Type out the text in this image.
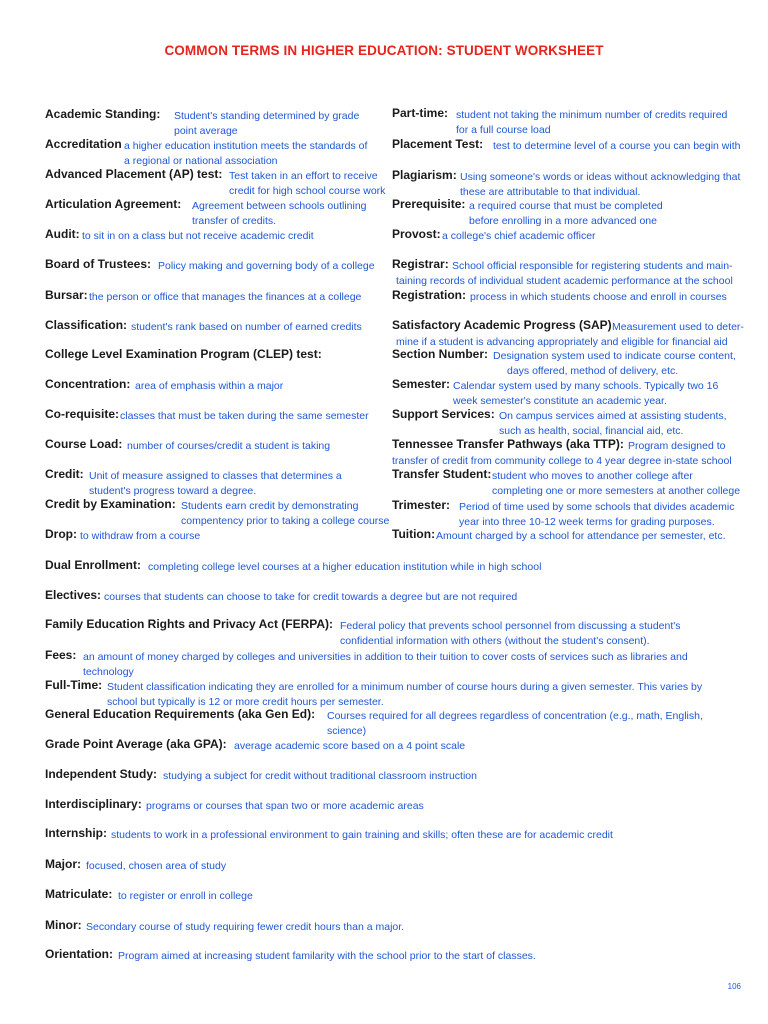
COMMON TERMS IN HIGHER EDUCATION: STUDENT WORKSHEET
Academic Standing: Student's standing determined by grade
point average
Accreditation a higher education institution meets the standards of
a regional or national association
Advanced Placement (AP) test: Test taken in an effort to receive
credit for high school course work
Articulation Agreement: Agreement between schools outlining
transfer of credits.
Audit: to sit in on a class but not receive academic credit
Board of Trustees: Policy making and governing body of a college
Bursar: the person or office that manages the finances at a college
Classification: student's rank based on number of earned credits
College Level Examination Program (CLEP) test:
Concentration: area of emphasis within a major
Co-requisite: classes that must be taken during the same semester
Course Load: number of courses/credit a student is taking
Credit: Unit of measure assigned to classes that determines a
student's progress toward a degree.
Credit by Examination: Students earn credit by demonstrating
compentency prior to taking a college course
Drop: to withdraw from a course
Part-time: student not taking the minimum number of credits required
for a full course load
Placement Test: test to determine level of a course you can begin with
Plagiarism: Using someone's words or ideas without acknowledging that
these are attributable to that individual.
Prerequisite: a required course that must be completed
before enrolling in a more advanced one
Provost: a college's chief academic officer
Registrar: School official responsible for registering students and main-
taining records of individual student academic performance at the school
Registration: process in which students choose and enroll in courses
Satisfactory Academic Progress (SAP) Measurement used to deter-
mine if a student is advancing appropriately and eligible for financial aid
Section Number: Designation system used to indicate course content,
days offered, method of delivery, etc.
Semester: Calendar system used by many schools. Typically two 16
week semester's constitute an academic year.
Support Services: On campus services aimed at assisting students,
such as health, social, financial aid, etc.
Tennessee Transfer Pathways (aka TTP): Program designed to
transfer of credit from community college to 4 year degree in-state school
Transfer Student: student who moves to another college after
completing one or more semesters at another college
Trimester: Period of time used by some schools that divides academic
year into three 10-12 week terms for grading purposes.
Tuition: Amount charged by a school for attendance per semester, etc.
Dual Enrollment: completing college level courses at a higher education institution while in high school
Electives: courses that students can choose to take for credit towards a degree but are not required
Family Education Rights and Privacy Act (FERPA): Federal policy that prevents school personnel from discussing a student's
confidential information with others (without the student's consent).
Fees: an amount of money charged by colleges and universities in addition to their tuition to cover costs of services such as libraries and
technology
Full-Time: Student classification indicating they are enrolled for a minimum number of course hours during a given semester. This varies by
school but typically is 12 or more credit hours per semester.
General Education Requirements (aka Gen Ed): Courses required for all degrees regardless of concentration (e.g., math, English,
science)
Grade Point Average (aka GPA): average academic score based on a 4 point scale
Independent Study: studying a subject for credit without traditional classroom instruction
Interdisciplinary: programs or courses that span two or more academic areas
Internship: students to work in a professional environment to gain training and skills; often these are for academic credit
Major: focused, chosen area of study
Matriculate: to register or enroll in college
Minor: Secondary course of study requiring fewer credit hours than a major.
Orientation: Program aimed at increasing student familarity with the school prior to the start of classes.
106
